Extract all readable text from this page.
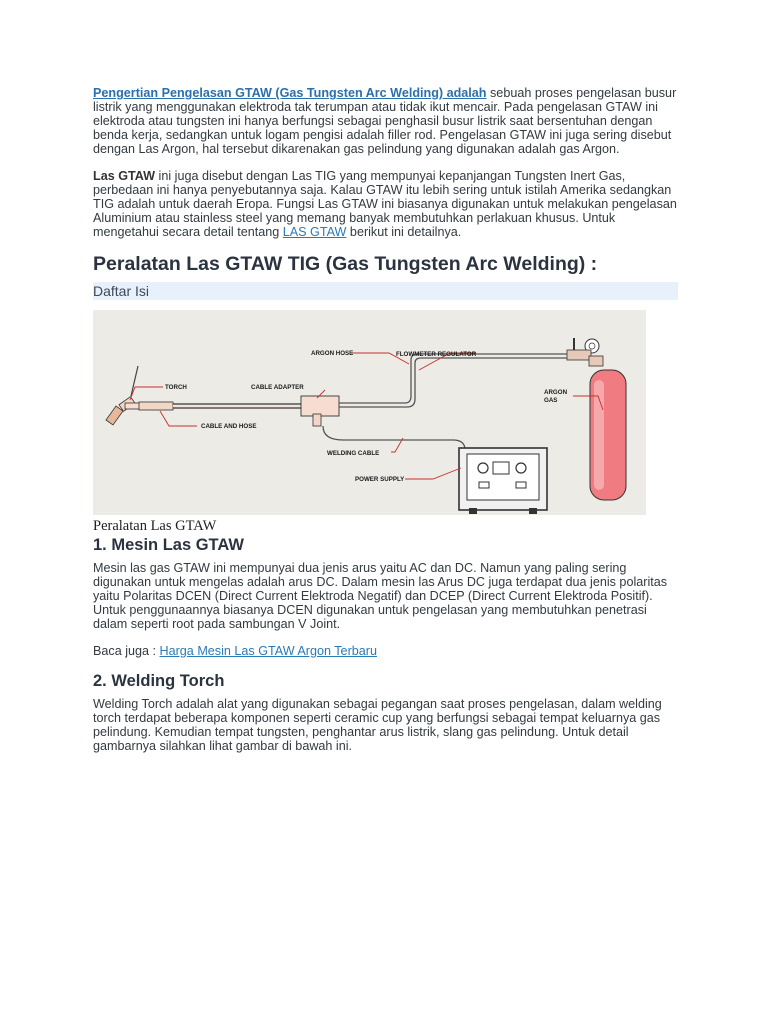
Pengertian Pengelasan GTAW (Gas Tungsten Arc Welding) adalah sebuah proses pengelasan busur listrik yang menggunakan elektroda tak terumpan atau tidak ikut mencair. Pada pengelasan GTAW ini elektroda atau tungsten ini hanya berfungsi sebagai penghasil busur listrik saat bersentuhan dengan benda kerja, sedangkan untuk logam pengisi adalah filler rod. Pengelasan GTAW ini juga sering disebut dengan Las Argon, hal tersebut dikarenakan gas pelindung yang digunakan adalah gas Argon.

Las GTAW ini juga disebut dengan Las TIG yang mempunyai kepanjangan Tungsten Inert Gas, perbedaan ini hanya penyebutannya saja. Kalau GTAW itu lebih sering untuk istilah Amerika sedangkan TIG adalah untuk daerah Eropa. Fungsi Las GTAW ini biasanya digunakan untuk melakukan pengelasan Aluminium atau stainless steel yang memang banyak membutuhkan perlakuan khusus. Untuk mengetahui secara detail tentang LAS GTAW berikut ini detailnya.

Peralatan Las GTAW TIG (Gas Tungsten Arc Welding) :
Daftar Isi
TORCH
ARGON HOSE
CABLE ADAPTER
FLOWMETER REGULATOR
ARGON
GAS
CABLE AND HOSE
WELDING CABLE
POWER SUPPLY
Peralatan Las GTAW
1. Mesin Las GTAW

Mesin las gas GTAW ini mempunyai dua jenis arus yaitu AC dan DC. Namun yang paling sering digunakan untuk mengelas adalah arus DC. Dalam mesin las Arus DC juga terdapat dua jenis polaritas yaitu Polaritas DCEN (Direct Current Elektroda Negatif) dan DCEP (Direct Current Elektroda Positif). Untuk penggunaannya biasanya DCEN digunakan untuk pengelasan yang membutuhkan penetrasi dalam seperti root pada sambungan V Joint.

Baca juga : Harga Mesin Las GTAW Argon Terbaru

2. Welding Torch

Welding Torch adalah alat yang digunakan sebagai pegangan saat proses pengelasan, dalam welding torch terdapat beberapa komponen seperti ceramic cup yang berfungsi sebagai tempat keluarnya gas pelindung. Kemudian tempat tungsten, penghantar arus listrik, slang gas pelindung. Untuk detail gambarnya silahkan lihat gambar di bawah ini.
